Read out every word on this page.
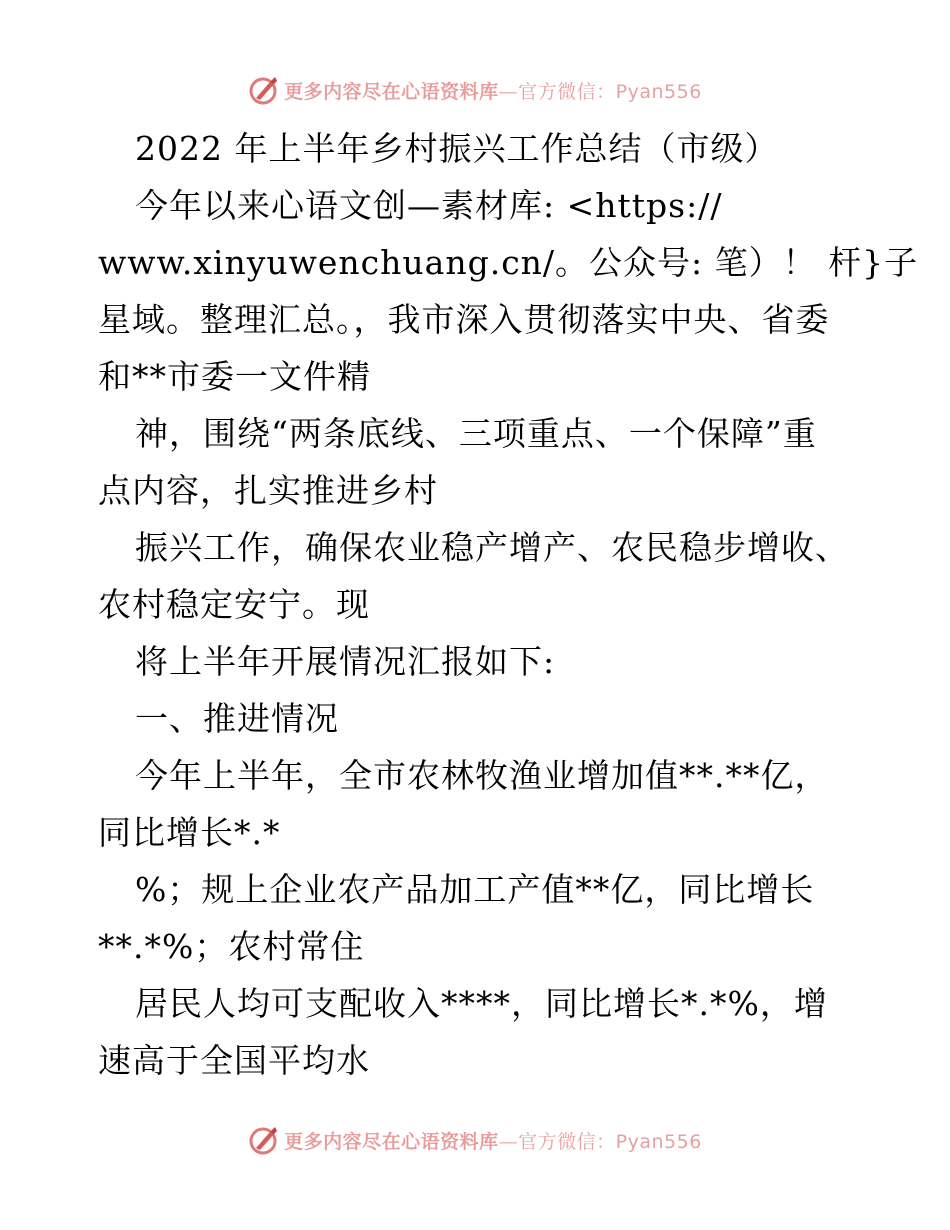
更多内容尽在心语资料库—官方微信：Pyan556
2022 年上半年乡村振兴工作总结（市级）
今年以来心语文创—素材库: <https://
www.xinyuwenchuang.cn/。公众号: 笔）！ 杆}子
星域。整理汇总。，我市深入贯彻落实中央、省委
和**市委一文件精
神，围绕“两条底线、三项重点、一个保障”重
点内容，扎实推进乡村
振兴工作，确保农业稳产增产、农民稳步增收、
农村稳定安宁。现
将上半年开展情况汇报如下:
一、推进情况
今年上半年，全市农林牧渔业增加值**.**亿，
同比增长*.*
%；规上企业农产品加工产值**亿，同比增长
**.*%；农村常住
居民人均可支配收入****，同比增长*.*%，增
速高于全国平均水
更多内容尽在心语资料库—官方微信：Pyan556
